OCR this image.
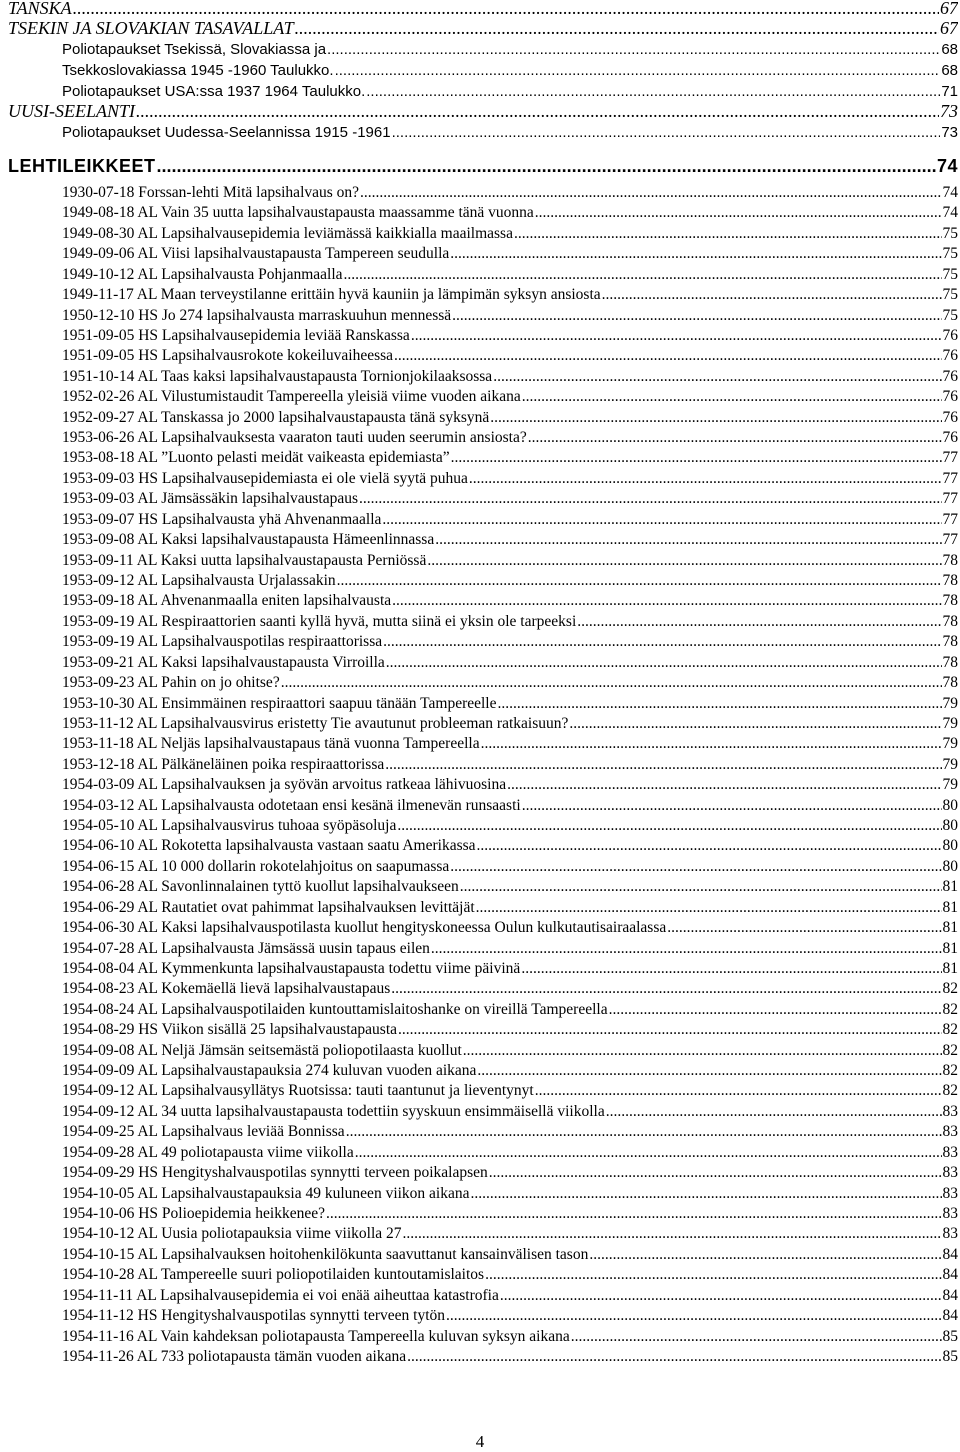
TANSKA .....	67
TSEKIN JA SLOVAKIAN TASAVALLAT .....	67
Poliotapaukset Tsekissä, Slovakiassa ja .....	68
Tsekkoslovakiassa 1945 -1960 Taulukko. .....	68
Poliotapaukset USA:ssa 1937 1964 Taulukko. .....	71
UUSI-SEELANTI .....	73
Poliotapaukset Uudessa-Seelannissa 1915 -1961 .....	73
LEHTILEIKKEET .....	74
1930-07-18 Forssan-lehti Mitä lapsihalvaus on? .....	74
1949-08-18 AL Vain 35 uutta lapsihalvaustapausta maassamme tänä vuonna .....	74
1949-08-30 AL Lapsihalvausepidemia leviämässä kaikkialla maailmassa .....	75
1949-09-06 AL Viisi lapsihalvaustapausta Tampereen seudulla .....	75
1949-10-12 AL Lapsihalvausta Pohjanmaalla .....	75
1949-11-17 AL Maan terveystilanne erittäin hyvä kauniin ja lämpimän syksyn ansiosta .....	75
1950-12-10 HS Jo 274 lapsihalvausta marraskuuhun mennessä .....	75
1951-09-05 HS Lapsihalvausepidemia leviää Ranskassa .....	76
1951-09-05 HS Lapsihalvausrokote kokeiluvaiheessa .....	76
1951-10-14 AL Taas kaksi lapsihalvaustapausta Tornionjokilaaksossa .....	76
1952-02-26 AL Vilustumistaudit Tampereella yleisiä viime vuoden aikana .....	76
1952-09-27 AL Tanskassa jo 2000 lapsihalvaustapausta tänä syksynä .....	76
1953-06-26 AL Lapsihalvauksesta vaaraton tauti uuden seerumin ansiosta? .....	76
1953-08-18 AL ”Luonto pelasti meidät vaikeasta epidemiasta” .....	77
1953-09-03 HS Lapsihalvausepidemiasta ei ole vielä syytä puhua .....	77
1953-09-03 AL Jämsässäkin lapsihalvaustapaus .....	77
1953-09-07 HS Lapsihalvausta yhä Ahvenanmaalla .....	77
1953-09-08 AL Kaksi lapsihalvaustapausta Hämeenlinnassa .....	77
1953-09-11 AL Kaksi uutta lapsihalvaustapausta Perniössä .....	78
1953-09-12 AL Lapsihalvausta Urjalassakin .....	78
1953-09-18 AL Ahvenanmaalla eniten lapsihalvausta .....	78
1953-09-19 AL Respiraattorien saanti kyllä hyvä, mutta siinä ei yksin ole tarpeeksi .....	78
1953-09-19 AL Lapsihalvauspotilas respiraattorissa .....	78
1953-09-21 AL Kaksi lapsihalvaustapausta Virroilla .....	78
1953-09-23 AL Pahin on jo ohitse? .....	78
1953-10-30 AL Ensimmäinen respiraattori saapuu tänään Tampereelle .....	79
1953-11-12 AL Lapsihalvausvirus eristetty Tie avautunut probleeman ratkaisuun? .....	79
1953-11-18 AL Neljäs lapsihalvaustapaus tänä vuonna Tampereella .....	79
1953-12-18 AL Pälkäneläinen poika respiraattorissa .....	79
1954-03-09 AL Lapsihalvauksen ja syövän arvoitus ratkeaa lähivuosina .....	79
1954-03-12 AL Lapsihalvausta odotetaan ensi kesänä ilmenevän runsaasti .....	80
1954-05-10 AL Lapsihalvausvirus tuhoaa syöpäsoluja .....	80
1954-06-10 AL Rokotetta lapsihalvausta vastaan saatu Amerikassa .....	80
1954-06-15 AL 10 000 dollarin rokotelahjoitus on saapumassa .....	80
1954-06-28 AL Savonlinnalainen tyttö kuollut lapsihalvaukseen .....	81
1954-06-29 AL Rautatiet ovat pahimmat lapsihalvauksen levittäjät .....	81
1954-06-30 AL Kaksi lapsihalvauspotilasta kuollut hengityskoneessa Oulun kulkutautisairaalassa .....	81
1954-07-28 AL Lapsihalvausta Jämsässä uusin tapaus eilen .....	81
1954-08-04 AL Kymmenkunta lapsihalvaustapausta todettu viime päivinä .....	81
1954-08-23 AL Kokemäellä lievä lapsihalvaustapaus .....	82
1954-08-24 AL Lapsihalvauspotilaiden kuntouttamislaitoshanke on vireillä Tampereella .....	82
1954-08-29 HS Viikon sisällä 25 lapsihalvaustapausta .....	82
1954-09-08 AL Neljä Jämsän seitsemästä poliopotilaasta kuollut .....	82
1954-09-09 AL Lapsihalvaustapauksia 274 kuluvan vuoden aikana .....	82
1954-09-12 AL Lapsihalvausyllätys Ruotsissa: tauti taantunut ja lieventynyt .....	82
1954-09-12 AL 34 uutta lapsihalvaustapausta todettiin syyskuun ensimmäisellä viikolla .....	83
1954-09-25 AL Lapsihalvaus leviää Bonnissa .....	83
1954-09-28 AL 49 poliotapausta viime viikolla .....	83
1954-09-29 HS Hengityshalvauspotilas synnytti terveen poikalapsen .....	83
1954-10-05 AL Lapsihalvaustapauksia 49 kuluneen viikon aikana .....	83
1954-10-06 HS Polioepidemia heikkenee? .....	83
1954-10-12 AL Uusia poliotapauksia viime viikolla 27 .....	83
1954-10-15 AL Lapsihalvauksen hoitohenkilökunta saavuttanut kansainvälisen tason .....	84
1954-10-28 AL Tampereelle suuri poliopotilaiden kuntoutamislaitos .....	84
1954-11-11 AL Lapsihalvausepidemia ei voi enää aiheuttaa katastrofia .....	84
1954-11-12 HS Hengityshalvauspotilas synnytti terveen tytön .....	84
1954-11-16 AL Vain kahdeksan poliotapausta Tampereella kuluvan syksyn aikana .....	85
1954-11-26 AL 733 poliotapausta tämän vuoden aikana .....	85
4
